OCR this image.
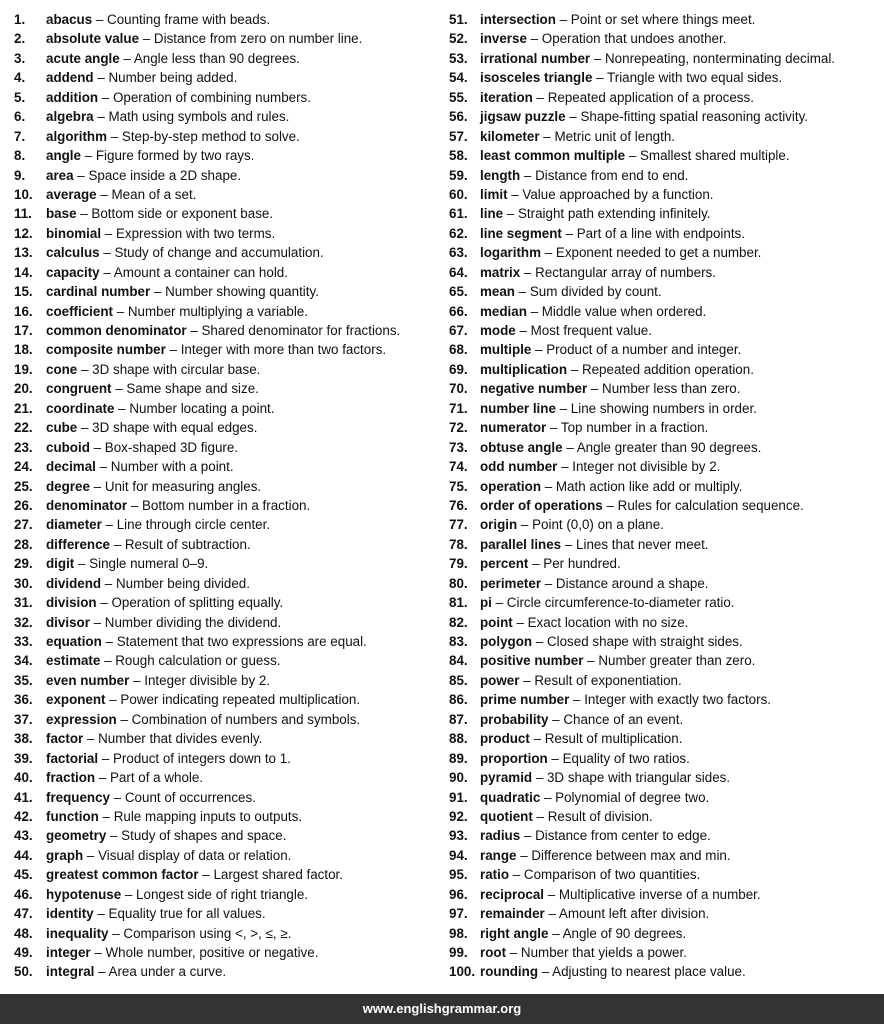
1. abacus – Counting frame with beads.
2. absolute value – Distance from zero on number line.
3. acute angle – Angle less than 90 degrees.
4. addend – Number being added.
5. addition – Operation of combining numbers.
6. algebra – Math using symbols and rules.
7. algorithm – Step-by-step method to solve.
8. angle – Figure formed by two rays.
9. area – Space inside a 2D shape.
10. average – Mean of a set.
11. base – Bottom side or exponent base.
12. binomial – Expression with two terms.
13. calculus – Study of change and accumulation.
14. capacity – Amount a container can hold.
15. cardinal number – Number showing quantity.
16. coefficient – Number multiplying a variable.
17. common denominator – Shared denominator for fractions.
18. composite number – Integer with more than two factors.
19. cone – 3D shape with circular base.
20. congruent – Same shape and size.
21. coordinate – Number locating a point.
22. cube – 3D shape with equal edges.
23. cuboid – Box-shaped 3D figure.
24. decimal – Number with a point.
25. degree – Unit for measuring angles.
26. denominator – Bottom number in a fraction.
27. diameter – Line through circle center.
28. difference – Result of subtraction.
29. digit – Single numeral 0–9.
30. dividend – Number being divided.
31. division – Operation of splitting equally.
32. divisor – Number dividing the dividend.
33. equation – Statement that two expressions are equal.
34. estimate – Rough calculation or guess.
35. even number – Integer divisible by 2.
36. exponent – Power indicating repeated multiplication.
37. expression – Combination of numbers and symbols.
38. factor – Number that divides evenly.
39. factorial – Product of integers down to 1.
40. fraction – Part of a whole.
41. frequency – Count of occurrences.
42. function – Rule mapping inputs to outputs.
43. geometry – Study of shapes and space.
44. graph – Visual display of data or relation.
45. greatest common factor – Largest shared factor.
46. hypotenuse – Longest side of right triangle.
47. identity – Equality true for all values.
48. inequality – Comparison using <, >, ≤, ≥.
49. integer – Whole number, positive or negative.
50. integral – Area under a curve.
51. intersection – Point or set where things meet.
52. inverse – Operation that undoes another.
53. irrational number – Nonrepeating, nonterminating decimal.
54. isosceles triangle – Triangle with two equal sides.
55. iteration – Repeated application of a process.
56. jigsaw puzzle – Shape-fitting spatial reasoning activity.
57. kilometer – Metric unit of length.
58. least common multiple – Smallest shared multiple.
59. length – Distance from end to end.
60. limit – Value approached by a function.
61. line – Straight path extending infinitely.
62. line segment – Part of a line with endpoints.
63. logarithm – Exponent needed to get a number.
64. matrix – Rectangular array of numbers.
65. mean – Sum divided by count.
66. median – Middle value when ordered.
67. mode – Most frequent value.
68. multiple – Product of a number and integer.
69. multiplication – Repeated addition operation.
70. negative number – Number less than zero.
71. number line – Line showing numbers in order.
72. numerator – Top number in a fraction.
73. obtuse angle – Angle greater than 90 degrees.
74. odd number – Integer not divisible by 2.
75. operation – Math action like add or multiply.
76. order of operations – Rules for calculation sequence.
77. origin – Point (0,0) on a plane.
78. parallel lines – Lines that never meet.
79. percent – Per hundred.
80. perimeter – Distance around a shape.
81. pi – Circle circumference-to-diameter ratio.
82. point – Exact location with no size.
83. polygon – Closed shape with straight sides.
84. positive number – Number greater than zero.
85. power – Result of exponentiation.
86. prime number – Integer with exactly two factors.
87. probability – Chance of an event.
88. product – Result of multiplication.
89. proportion – Equality of two ratios.
90. pyramid – 3D shape with triangular sides.
91. quadratic – Polynomial of degree two.
92. quotient – Result of division.
93. radius – Distance from center to edge.
94. range – Difference between max and min.
95. ratio – Comparison of two quantities.
96. reciprocal – Multiplicative inverse of a number.
97. remainder – Amount left after division.
98. right angle – Angle of 90 degrees.
99. root – Number that yields a power.
100. rounding – Adjusting to nearest place value.
www.englishgrammar.org
